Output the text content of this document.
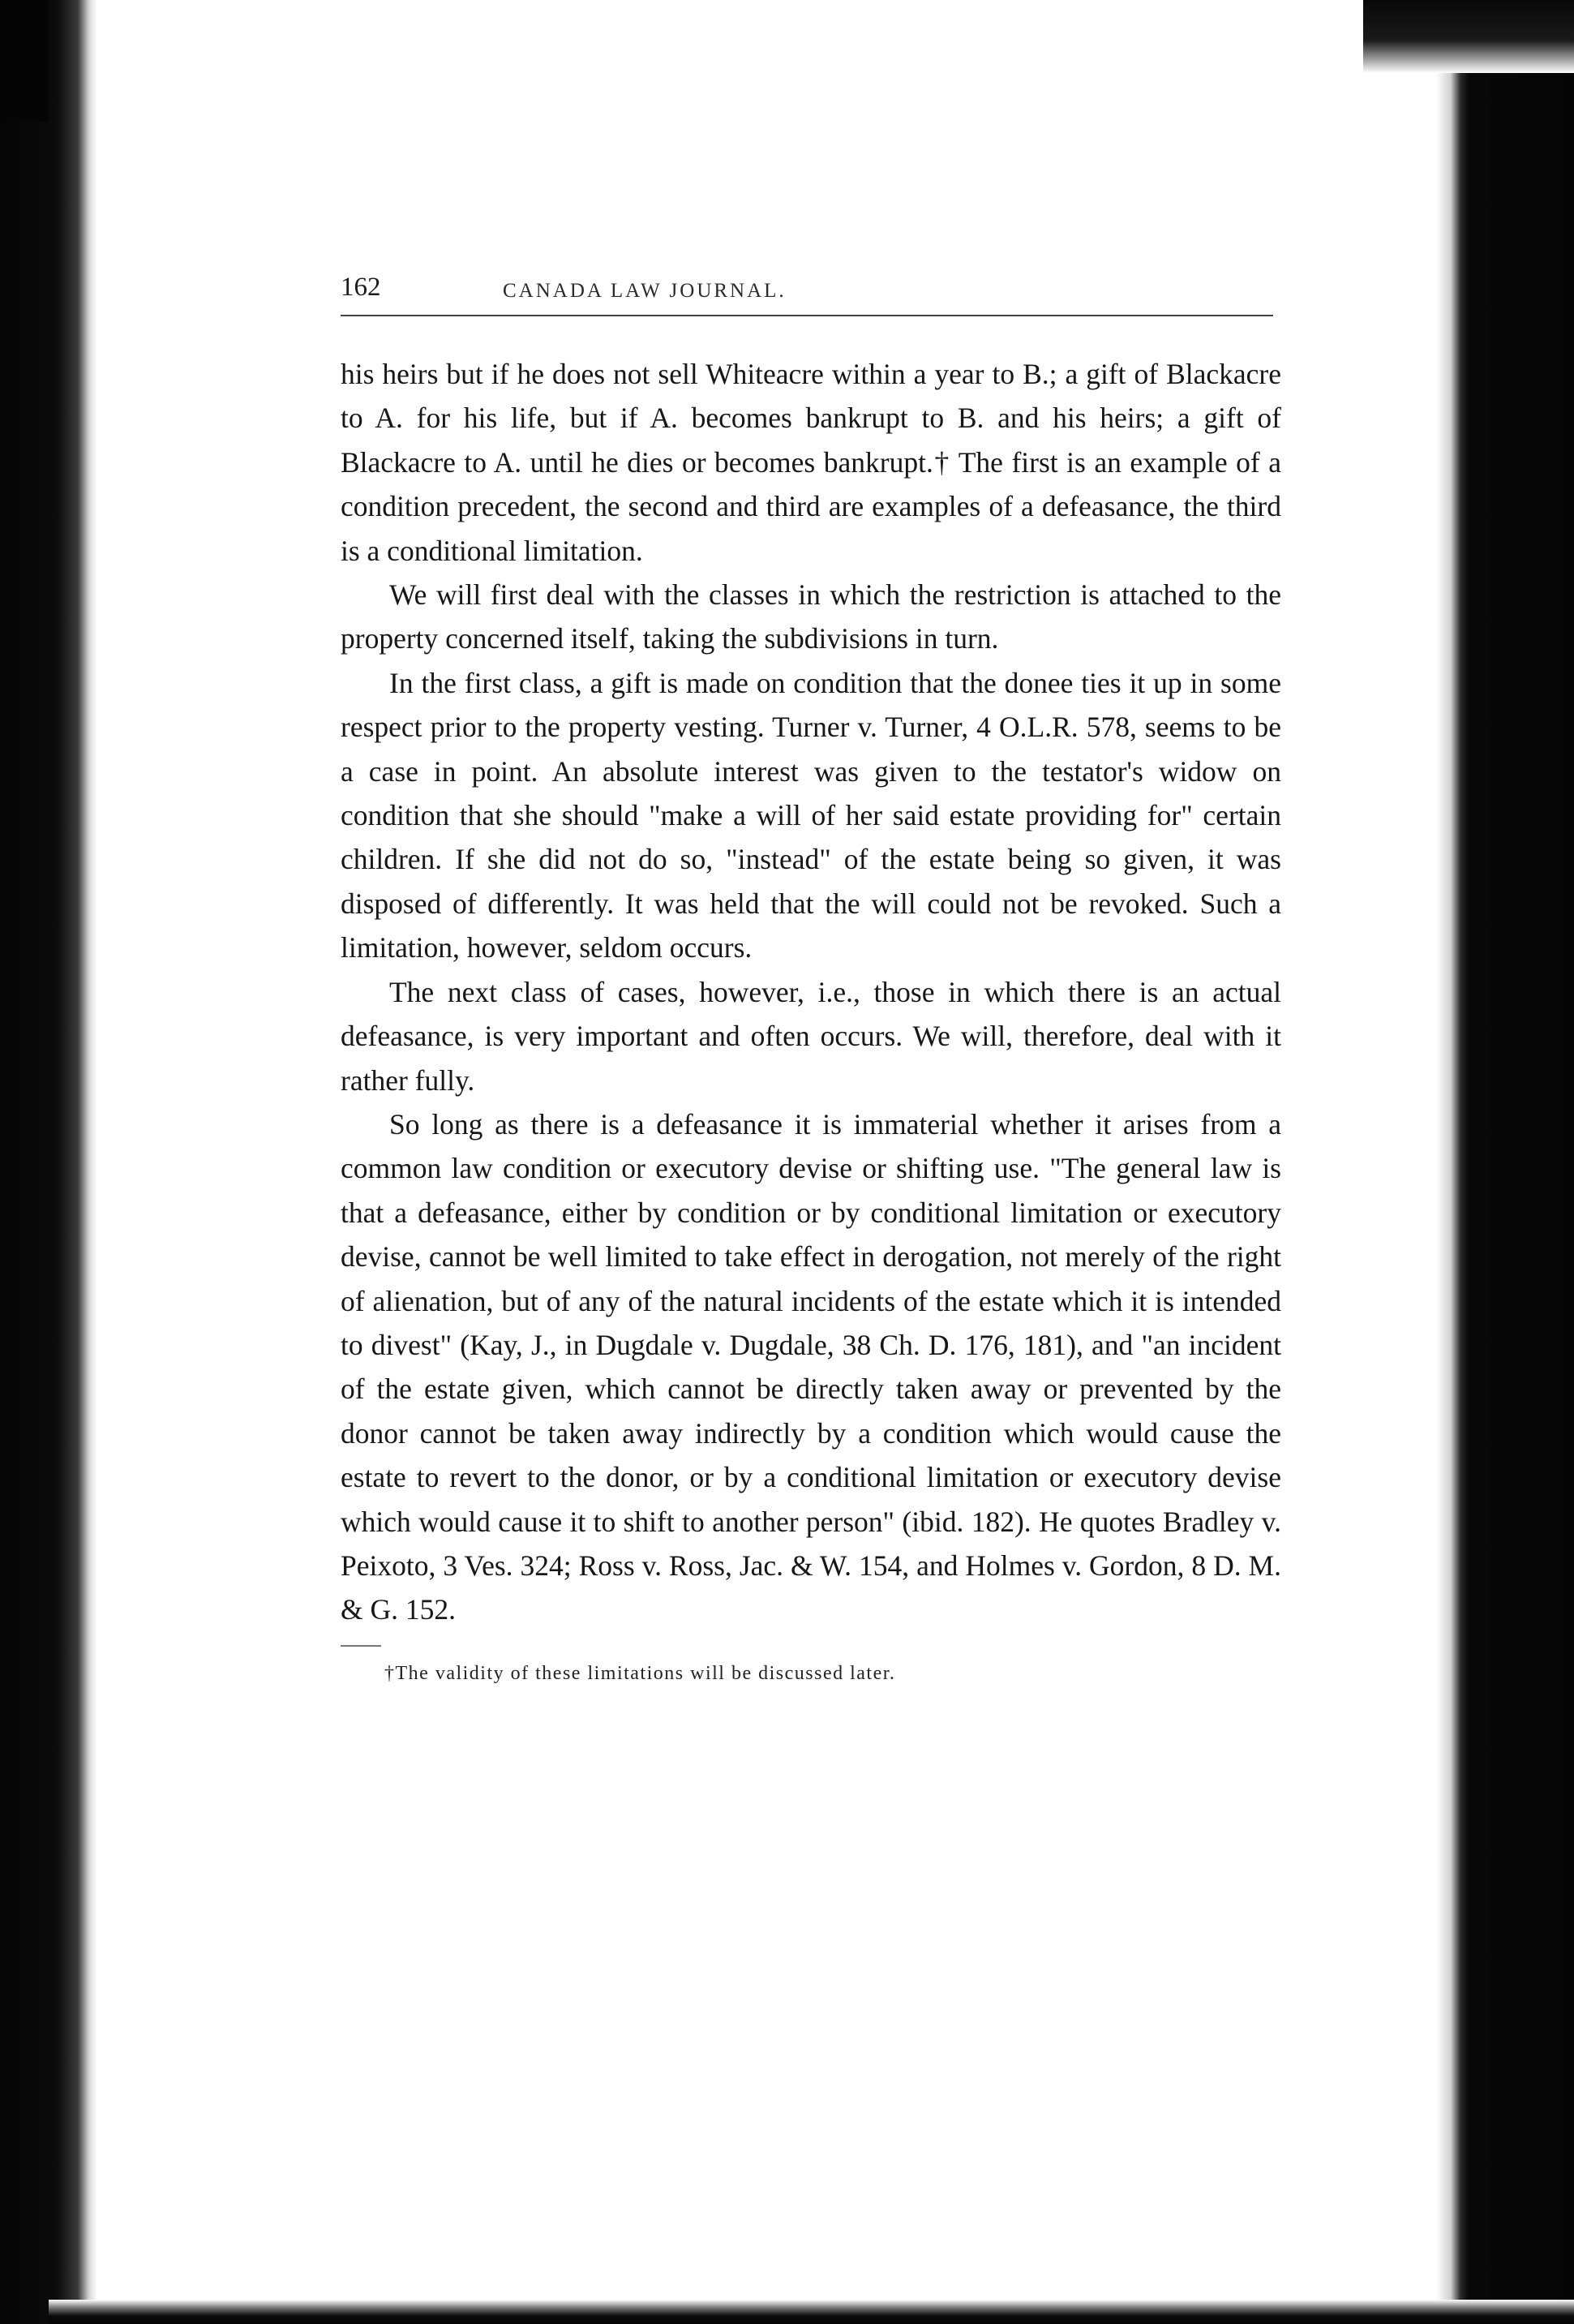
162	CANADA LAW JOURNAL.

his heirs but if he does not sell Whiteacre within a year to B.; a gift of Blackacre to A. for his life, but if A. becomes bankrupt to B. and his heirs; a gift of Blackacre to A. until he dies or becomes bankrupt.† The first is an example of a condition precedent, the second and third are examples of a defeasance, the third is a conditional limitation.

We will first deal with the classes in which the restriction is attached to the property concerned itself, taking the subdivisions in turn.

In the first class, a gift is made on condition that the donee ties it up in some respect prior to the property vesting. Turner v. Turner, 4 O.L.R. 578, seems to be a case in point. An absolute interest was given to the testator's widow on condition that she should "make a will of her said estate providing for" certain children. If she did not do so, "instead" of the estate being so given, it was disposed of differently. It was held that the will could not be revoked. Such a limitation, however, seldom occurs.

The next class of cases, however, i.e., those in which there is an actual defeasance, is very important and often occurs. We will, therefore, deal with it rather fully.

So long as there is a defeasance it is immaterial whether it arises from a common law condition or executory devise or shifting use. "The general law is that a defeasance, either by condition or by conditional limitation or executory devise, cannot be well limited to take effect in derogation, not merely of the right of alienation, but of any of the natural incidents of the estate which it is intended to divest" (Kay, J., in Dugdale v. Dugdale, 38 Ch. D. 176, 181), and "an incident of the estate given, which cannot be directly taken away or prevented by the donor cannot be taken away indirectly by a condition which would cause the estate to revert to the donor, or by a conditional limitation or executory devise which would cause it to shift to another person" (ibid. 182). He quotes Bradley v. Peixoto, 3 Ves. 324; Ross v. Ross, Jac. & W. 154, and Holmes v. Gordon, 8 D. M. & G. 152.

†The validity of these limitations will be discussed later.
